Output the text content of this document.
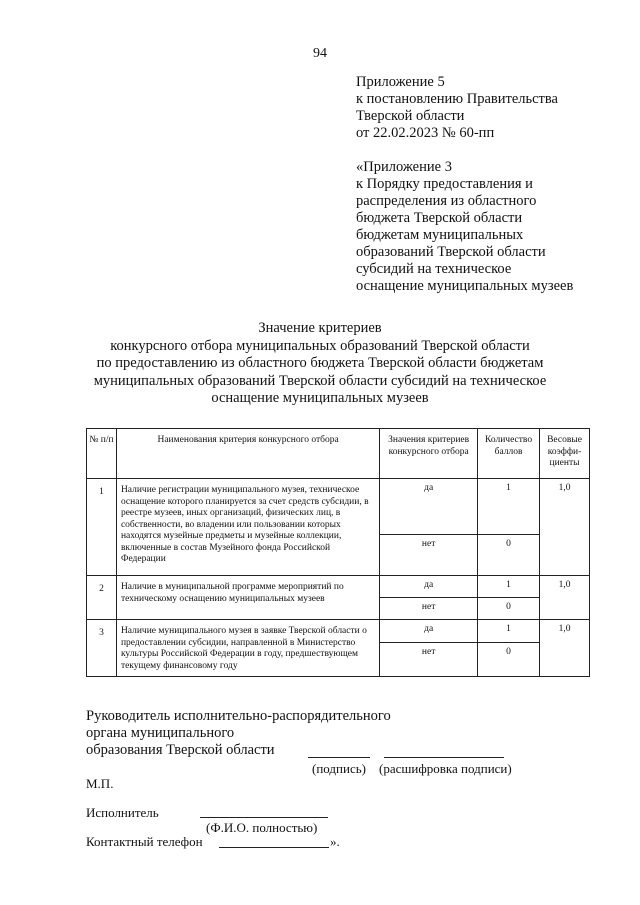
94
Приложение 5
к постановлению Правительства
Тверской области
от 22.02.2023 № 60-пп
«Приложение 3
к Порядку предоставления и
распределения из областного
бюджета Тверской области
бюджетам муниципальных
образований Тверской области
субсидий на техническое
оснащение муниципальных музеев
Значение критериев
конкурсного отбора муниципальных образований Тверской области
по предоставлению из областного бюджета Тверской области бюджетам
муниципальных образований Тверской области субсидий на техническое
оснащение муниципальных музеев
№ п/п	Наименования критерия конкурсного отбора	Значения критериев конкурсного отбора	Количество баллов	Весовые коэффи- циенты
1	Наличие регистрации муниципального музея, техническое оснащение которого планируется за счет средств субсидии, в реестре музеев, иных организаций, физических лиц, в собственности, во владении или пользовании которых находятся музейные предметы и музейные коллекции, включенные в состав Музейного фонда Российской Федерации	да	1	1,0
		нет	0	
2	Наличие в муниципальной программе мероприятий по техническому оснащению муниципальных музеев	да	1	1,0
		нет	0	
3	Наличие муниципального музея в заявке Тверской области о предоставлении субсидии, направленной в Министерство культуры Российской Федерации в году, предшествующем текущему финансовому году	да	1	1,0
		нет	0	
Руководитель исполнительно-распорядительного
органа муниципального
образования Тверской области
(подпись) (расшифровка подписи)
М.П.
Исполнитель
(Ф.И.О. полностью)
Контактный телефон	».
